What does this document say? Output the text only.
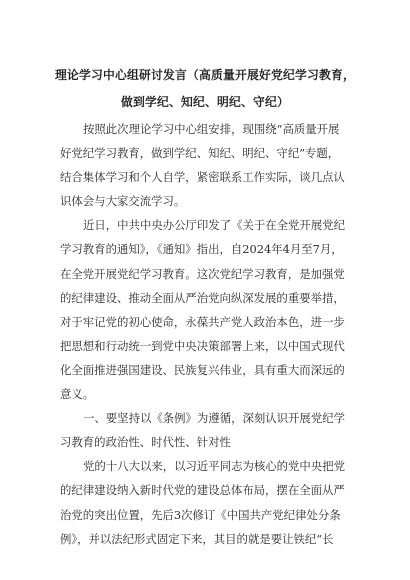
理论学习中心组研讨发言（高质量开展好党纪学习教育，
做到学纪、知纪、明纪、守纪）
按照此次理论学习中心组安排，现围绕“高质量开展
好党纪学习教育，做到学纪、知纪、明纪、守纪”专题，
结合集体学习和个人自学，紧密联系工作实际，谈几点认
识体会与大家交流学习。
近日，中共中央办公厅印发了《关于在全党开展党纪
学习教育的通知》，《通知》指出，自2024年4月至7月，
在全党开展党纪学习教育。这次党纪学习教育，是加强党
的纪律建设、推动全面从严治党向纵深发展的重要举措，
对于牢记党的初心使命，永葆共产党人政治本色，进一步
把思想和行动统一到党中央决策部署上来，以中国式现代
化全面推进强国建设、民族复兴伟业，具有重大而深远的
意义。
一、要坚持以《条例》为遵循，深刻认识开展党纪学
习教育的政治性、时代性、针对性
党的十八大以来，以习近平同志为核心的党中央把党
的纪律建设纳入新时代党的建设总体布局，摆在全面从严
治党的突出位置，先后3次修订《中国共产党纪律处分条
例》，并以法纪形式固定下来，其目的就是要让铁纪“长
